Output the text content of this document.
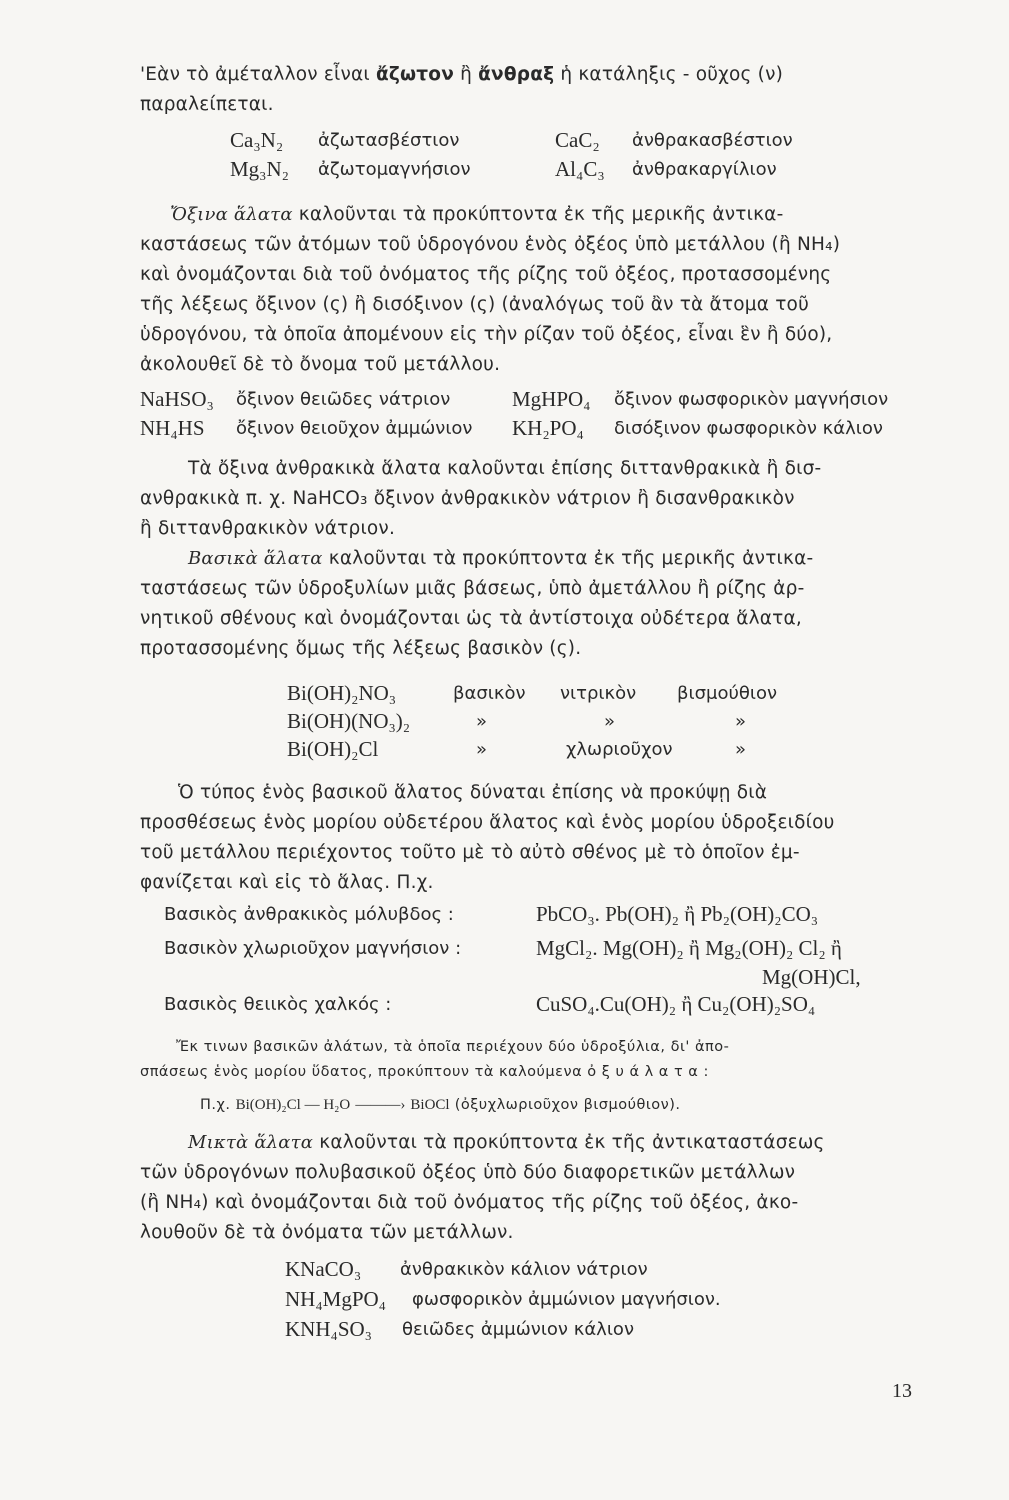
'Εὰν τὸ ἀμέταλλον εἶναι ἄζωτον ἢ ἄνθραξ ἡ κατάληξις - οῦχος (ν)
παραλείπεται.
Ca₃N₂ ἀζωτασβέστιον	CaC₂ ἀνθρακασβέστιον
Mg₃N₂ ἀζωτομαγνήσιον	Al₄C₃ ἀνθρακαργίλιον
Ὄξινα ἅλατα καλοῦνται τὰ προκύπτοντα ἐκ τῆς μερικῆς ἀντικα-
καστάσεως τῶν ἀτόμων τοῦ ὑδρογόνου ἑνὸς ὀξέος ὑπὸ μετάλλου (ἢ NH₄)
καὶ ὀνομάζονται διὰ τοῦ ὀνόματος τῆς ρίζης τοῦ ὀξέος, προτασσομένης
τῆς λέξεως ὄξινον (ς) ἢ δισόξινον (ς) (ἀναλόγως τοῦ ἂν τὰ ἄτομα τοῦ
ὑδρογόνου, τὰ ὁποῖα ἀπομένουν εἰς τὴν ρίζαν τοῦ ὀξέος, εἶναι ἓν ἢ δύο),
ἀκολουθεῖ δὲ τὸ ὄνομα τοῦ μετάλλου.
NaHSO₃ ὄξινον θειῶδες νάτριον	MgHPO₄ ὄξινον φωσφορικὸν μαγνήσιον
NH₄HS ὄξινον θειοῦχον ἀμμώνιον KH₂PO₄ δισόξινον φωσφορικὸν κάλιον
Τὰ ὄξινα ἀνθρακικὰ ἅλατα καλοῦνται ἐπίσης διττανθρακικὰ ἢ δισ-
ανθρακικὰ π. χ. NaHCO₃ ὄξινον ἀνθρακικὸν νάτριον ἢ δισανθρακικὸν
ἢ διττανθρακικὸν νάτριον.
Βασικὰ ἅλατα καλοῦνται τὰ προκύπτοντα ἐκ τῆς μερικῆς ἀντικα-
ταστάσεως τῶν ὑδροξυλίων μιᾶς βάσεως, ὑπὸ ἀμετάλλου ἢ ρίζης ἀρ-
νητικοῦ σθένους καὶ ὀνομάζονται ὡς τὰ ἀντίστοιχα οὐδέτερα ἅλατα,
προτασσομένης ὅμως τῆς λέξεως βασικὸν (ς).
Bi(OH)₂NO₃	βασικὸν νιτρικὸν βισμούθιον
Bi(OH)(NO₃)₂	»	»	»
Bi(OH)₂Cl	»	χλωριοῦχον	»
Ὁ τύπος ἑνὸς βασικοῦ ἅλατος δύναται ἐπίσης νὰ προκύψῃ διὰ
προσθέσεως ἑνὸς μορίου οὐδετέρου ἅλατος καὶ ἑνὸς μορίου ὑδροξειδίου
τοῦ μετάλλου περιέχοντος τοῦτο μὲ τὸ αὐτὸ σθένος μὲ τὸ ὁποῖον ἐμ-
φανίζεται καὶ εἰς τὸ ἅλας. Π.χ.
Βασικὸς ἀνθρακικὸς μόλυβδος :	PbCO₃. Pb(OH)₂ ἢ Pb₂(OH)₂CO₃
Βασικὸν χλωριοῦχον μαγνήσιον :	MgCl₂. Mg(OH)₂ ἢ Mg₂(OH)₂ Cl₂ ἢ
Mg(OH)Cl,
Βασικὸς θειικὸς χαλκός :	CuSO₄.Cu(OH)₂ ἢ Cu₂(OH)₂SO₄
Ἔκ τινων βασικῶν ἀλάτων, τὰ ὁποῖα περιέχουν δύο ὑδροξύλια, δι' ἀπο-
σπάσεως ἑνὸς μορίου ὕδατος, προκύπτουν τὰ καλούμενα ὀ ξ υ ά λ α τ α :
Π.χ. Bi(OH)₂Cl — H₂O ———› BiOCl (ὀξυχλωριοῦχον βισμούθιον).
Μικτὰ ἅλατα καλοῦνται τὰ προκύπτοντα ἐκ τῆς ἀντικαταστάσεως
τῶν ὑδρογόνων πολυβασικοῦ ὀξέος ὑπὸ δύο διαφορετικῶν μετάλλων
(ἢ NH₄) καὶ ὀνομάζονται διὰ τοῦ ὀνόματος τῆς ρίζης τοῦ ὀξέος, ἀκο-
λουθοῦν δὲ τὰ ὀνόματα τῶν μετάλλων.
KNaCO₃ ἀνθρακικὸν κάλιον νάτριον
NH₄MgPO₄ φωσφορικὸν ἀμμώνιον μαγνήσιον.
KNH₄SO₃ θειῶδες ἀμμώνιον κάλιον
13
